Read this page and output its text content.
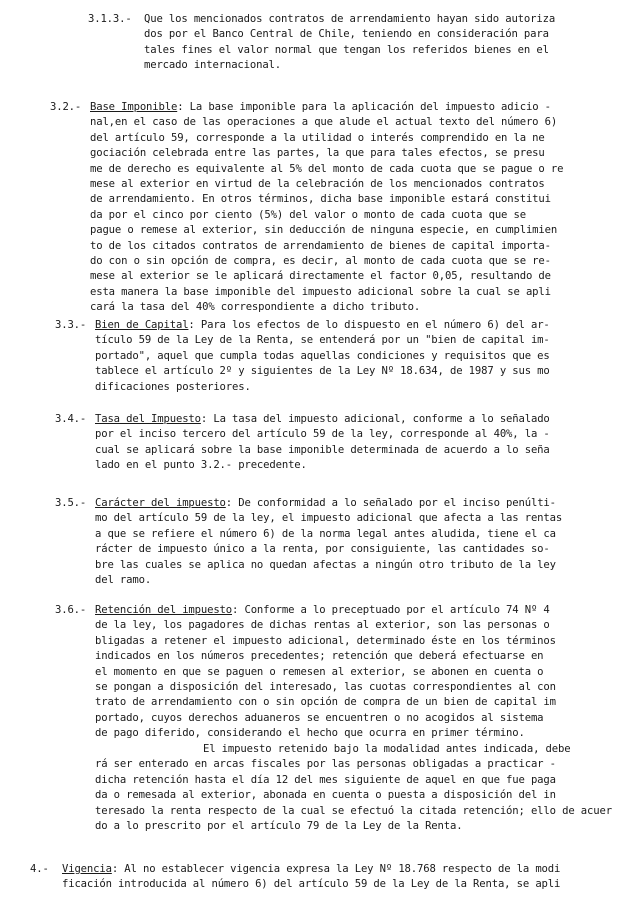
3.1.3.- Que los mencionados contratos de arrendamiento hayan sido autoriza
dos por el Banco Central de Chile, teniendo en consideración para
tales fines el valor normal que tengan los referidos bienes en el
mercado internacional.
3.2.- Base Imponible: La base imponible para la aplicación del impuesto adicio -
nal,en el caso de las operaciones a que alude el actual texto del número 6)
del artículo 59, corresponde a la utilidad o interés comprendido en la ne
gociación celebrada entre las partes, la que para tales efectos, se presu
me de derecho es equivalente al 5% del monto de cada cuota que se pague o re
mese al exterior en virtud de la celebración de los mencionados contratos
de arrendamiento. En otros términos, dicha base imponible estará constitui
da por el cinco por ciento (5%) del valor o monto de cada cuota que se
pague o remese al exterior, sin deducción de ninguna especie, en cumplimien
to de los citados contratos de arrendamiento de bienes de capital importa-
do con o sin opción de compra, es decir, al monto de cada cuota que se re-
mese al exterior se le aplicará directamente el factor 0,05, resultando de
esta manera la base imponible del impuesto adicional sobre la cual se apli
cará la tasa del 40% correspondiente a dicho tributo.
3.3.- Bien de Capital: Para los efectos de lo dispuesto en el número 6) del ar-
tículo 59 de la Ley de la Renta, se entenderá por un "bien de capital im-
portado", aquel que cumpla todas aquellas condiciones y requisitos que es
tablece el artículo 2º y siguientes de la Ley Nº 18.634, de 1987 y sus mo
dificaciones posteriores.
3.4.- Tasa del Impuesto: La tasa del impuesto adicional, conforme a lo señalado
por el inciso tercero del artículo 59 de la ley, corresponde al 40%, la -
cual se aplicará sobre la base imponible determinada de acuerdo a lo seña
lado en el punto 3.2.- precedente.
3.5.- Carácter del impuesto: De conformidad a lo señalado por el inciso penúlti-
mo del artículo 59 de la ley, el impuesto adicional que afecta a las rentas
a que se refiere el número 6) de la norma legal antes aludida, tiene el ca
rácter de impuesto único a la renta, por consiguiente, las cantidades so-
bre las cuales se aplica no quedan afectas a ningún otro tributo de la ley
del ramo.
3.6.- Retención del impuesto: Conforme a lo preceptuado por el artículo 74 Nº 4
de la ley, los pagadores de dichas rentas al exterior, son las personas o
bligadas a retener el impuesto adicional, determinado éste en los términos
indicados en los números precedentes; retención que deberá efectuarse en
el momento en que se paguen o remesen al exterior, se abonen en cuenta o
se pongan a disposición del interesado, las cuotas correspondientes al con
trato de arrendamiento con o sin opción de compra de un bien de capital im
portado, cuyos derechos aduaneros se encuentren o no acogidos al sistema
de pago diferido, considerando el hecho que ocurra en primer término.
El impuesto retenido bajo la modalidad antes indicada, debe
rá ser enterado en arcas fiscales por las personas obligadas a practicar -
dicha retención hasta el día 12 del mes siguiente de aquel en que fue paga
da o remesada al exterior, abonada en cuenta o puesta a disposición del in
teresado la renta respecto de la cual se efectuó la citada retención; ello de acuer
do a lo prescrito por el artículo 79 de la Ley de la Renta.
4.- Vigencia: Al no establecer vigencia expresa la Ley Nº 18.768 respecto de la modi
ficación introducida al número 6) del artículo 59 de la Ley de la Renta, se apli
